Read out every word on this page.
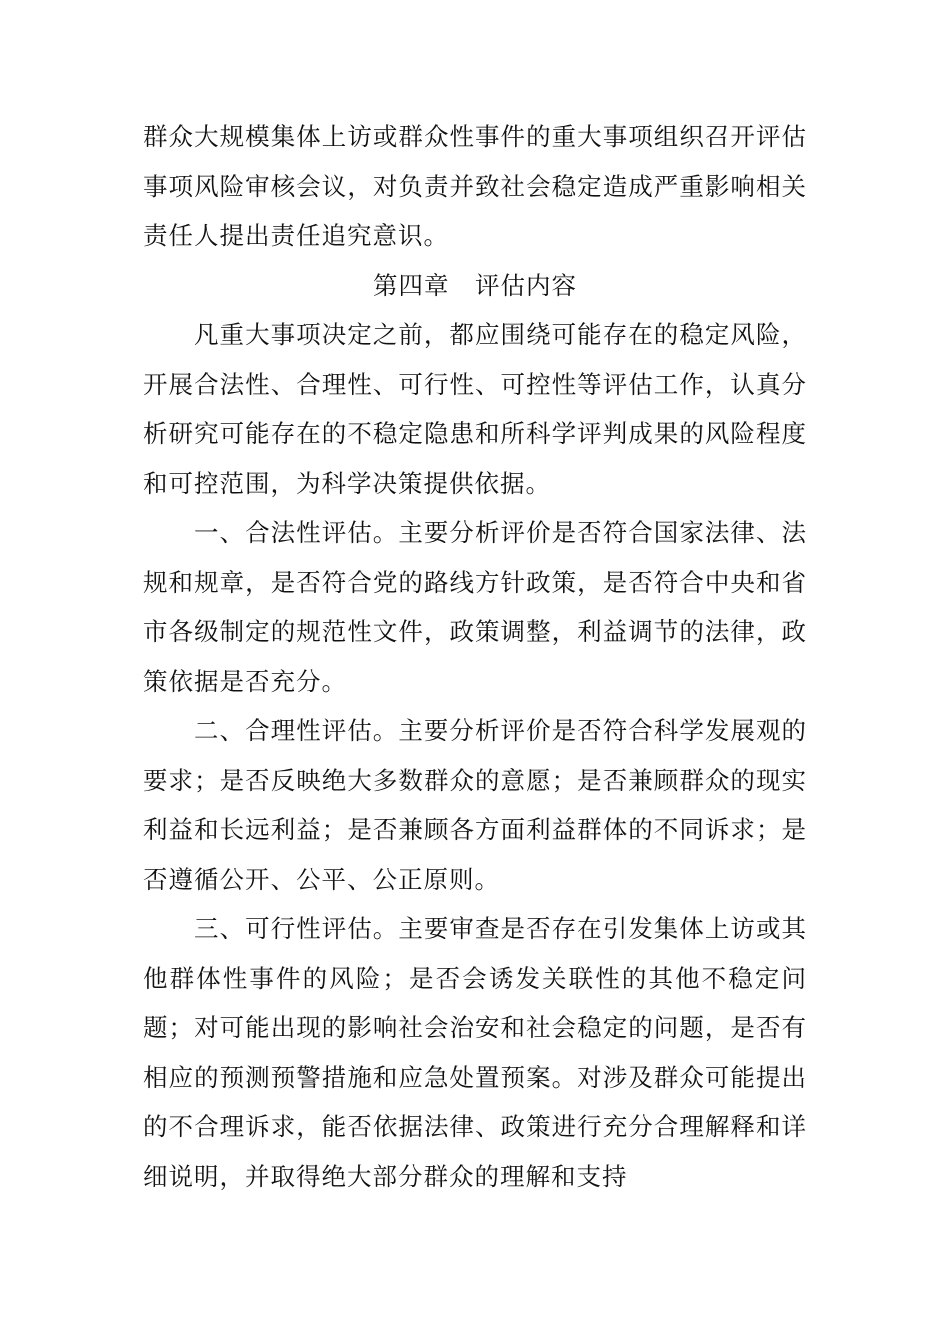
群众大规模集体上访或群众性事件的重大事项组织召开评估事项风险审核会议，对负责并致社会稳定造成严重影响相关责任人提出责任追究意识。

第四章　评估内容

凡重大事项决定之前，都应围绕可能存在的稳定风险，开展合法性、合理性、可行性、可控性等评估工作，认真分析研究可能存在的不稳定隐患和所科学评判成果的风险程度和可控范围，为科学决策提供依据。

一、合法性评估。主要分析评价是否符合国家法律、法规和规章，是否符合党的路线方针政策，是否符合中央和省市各级制定的规范性文件，政策调整，利益调节的法律，政策依据是否充分。

二、合理性评估。主要分析评价是否符合科学发展观的要求；是否反映绝大多数群众的意愿；是否兼顾群众的现实利益和长远利益；是否兼顾各方面利益群体的不同诉求；是否遵循公开、公平、公正原则。

三、可行性评估。主要审查是否存在引发集体上访或其他群体性事件的风险；是否会诱发关联性的其他不稳定问题；对可能出现的影响社会治安和社会稳定的问题，是否有相应的预测预警措施和应急处置预案。对涉及群众可能提出的不合理诉求，能否依据法律、政策进行充分合理解释和详细说明，并取得绝大部分群众的理解和支持
